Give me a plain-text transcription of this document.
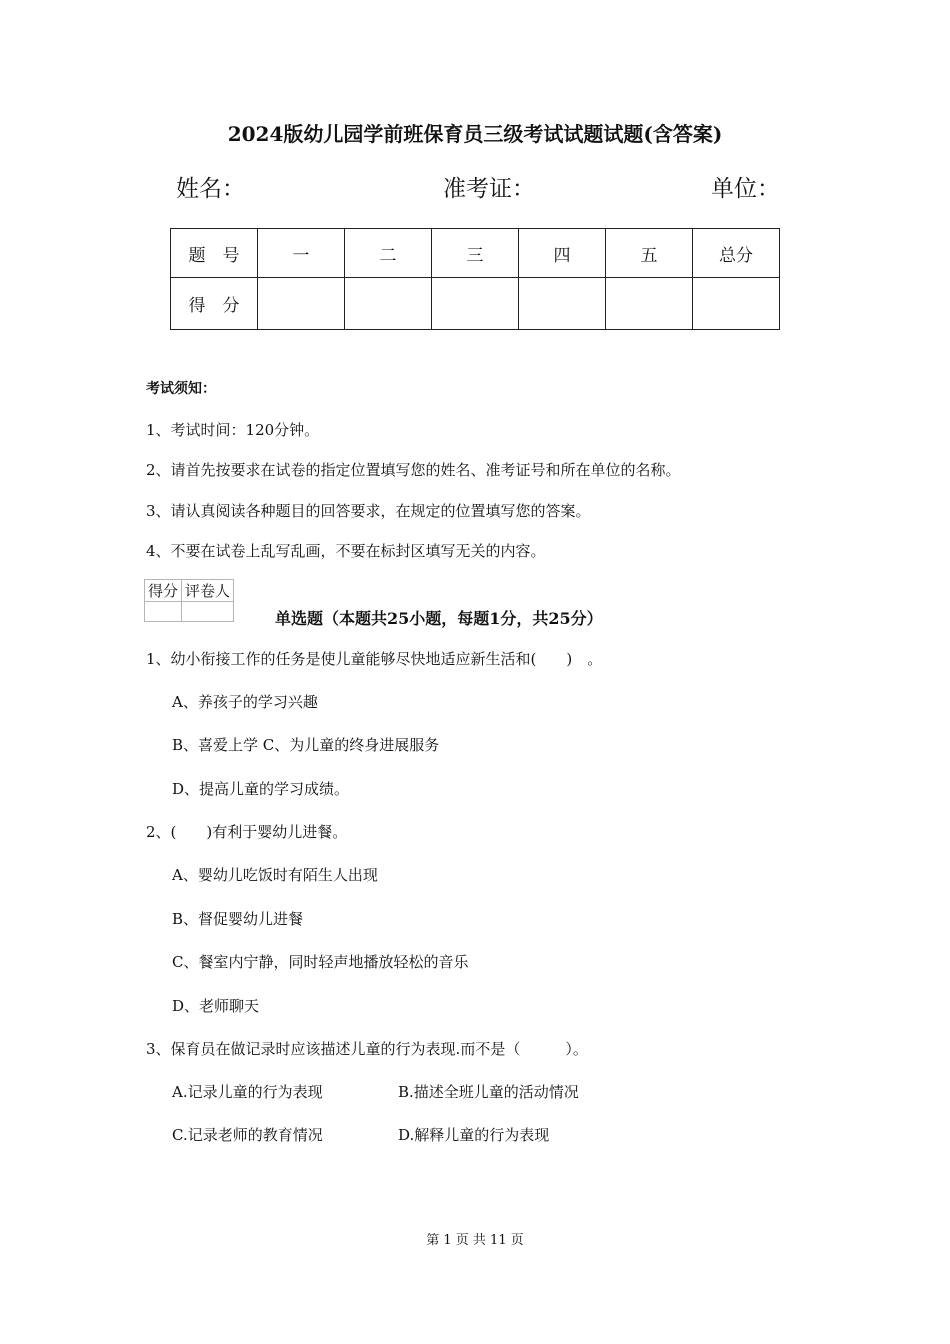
2024版幼儿园学前班保育员三级考试试题试题(含答案)
姓名：	准考证：	单位：
题　号	一	二	三	四	五	总分
得　分						
考试须知：
1、考试时间：120分钟。
2、请首先按要求在试卷的指定位置填写您的姓名、准考证号和所在单位的名称。
3、请认真阅读各种题目的回答要求，在规定的位置填写您的答案。
4、不要在试卷上乱写乱画，不要在标封区填写无关的内容。
得分	评卷人

单选题（本题共25小题，每题1分，共25分）
1、幼小衔接工作的任务是使儿童能够尽快地适应新生活和(　　)　。
A、养孩子的学习兴趣
B、喜爱上学 C、为儿童的终身进展服务
D、提高儿童的学习成绩。
2、(　　)有利于婴幼儿进餐。
A、婴幼儿吃饭时有陌生人出现
B、督促婴幼儿进餐
C、餐室内宁静，同时轻声地播放轻松的音乐
D、老师聊天
3、保育员在做记录时应该描述儿童的行为表现.而不是（　　　）。
A.记录儿童的行为表现	B.描述全班儿童的活动情况
C.记录老师的教育情况	D.解释儿童的行为表现
第 1 页 共 11 页
